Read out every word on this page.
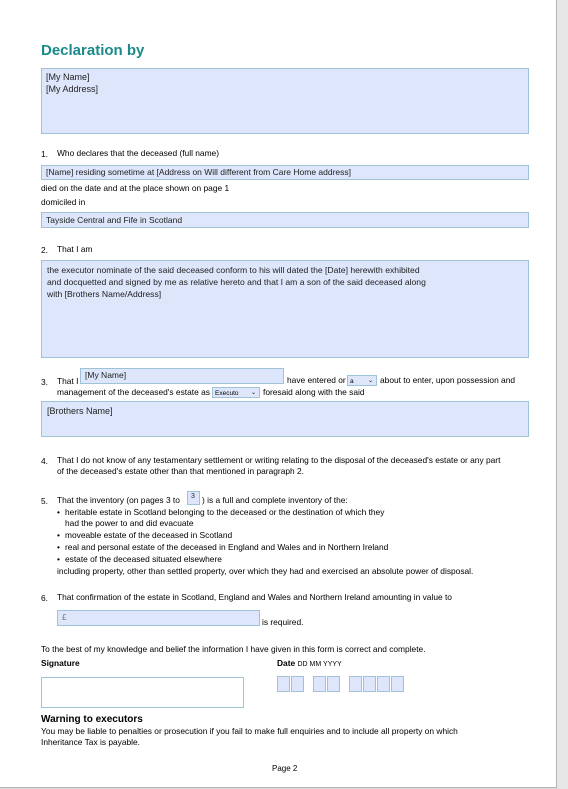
Declaration by
[My Name]
[My Address]
1. Who declares that the deceased (full name)
[Name] residing sometime at [Address on Will different from Care Home address]
died on the date and at the place shown on page 1
domiciled in
Tayside Central and Fife in Scotland
2. That I am
the executor nominate of the said deceased conform to his will dated the [Date] herewith exhibited
and docquetted and signed by me as relative hereto and that I am a son of the said deceased along
with [Brothers Name/Address]
3. That I
[My Name]	have entered or a ⌄ about to enter, upon possession and
management of the deceased's estate as Executo ⌄ foresaid along with the said
[Brothers Name]
4. That I do not know of any testamentary settlement or writing relating to the disposal of the deceased's estate or any part
of the deceased's estate other than that mentioned in paragraph 2.
5. That the inventory (on pages 3 to	3 ) is a full and complete inventory of the:
• heritable estate in Scotland belonging to the deceased or the destination of which they
had the power to and did evacuate
• moveable estate of the deceased in Scotland
• real and personal estate of the deceased in England and Wales and in Northern Ireland
• estate of the deceased situated elsewhere
including property, other than settled property, over which they had and exercised an absolute power of disposal.
6. That confirmation of the estate in Scotland, England and Wales and Northern Ireland amounting in value to
£	is required.
To the best of my knowledge and belief the information I have given in this form is correct and complete.
Signature	Date DD MM YYYY
Warning to executors
You may be liable to penalties or prosecution if you fail to make full enquiries and to include all property on which
Inheritance Tax is payable.
Page 2
